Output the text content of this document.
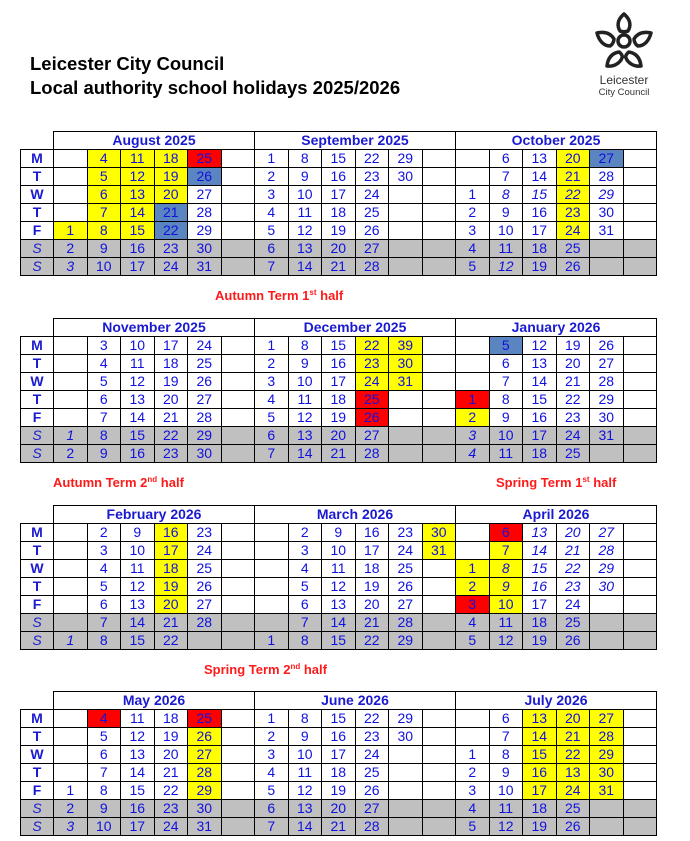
Leicester City Council
Local authority school holidays 2025/2026	Leicester
City Council
	August 2025						September 2025						October 2025					
M		4	11	18	25		1	8	15	22	29			6	13	20	27	
T		5	12	19	26		2	9	16	23	30			7	14	21	28	
W		6	13	20	27		3	10	17	24			1	8	15	22	29	
T		7	14	21	28		4	11	18	25			2	9	16	23	30	
F	1	8	15	22	29		5	12	19	26			3	10	17	24	31	
S	2	9	16	23	30		6	13	20	27			4	11	18	25		
S	3	10	17	24	31		7	14	21	28			5	12	19	26		
	November 2025						December 2025						January 2026					
M		3	10	17	24		1	8	15	22	39			5	12	19	26	
T		4	11	18	25		2	9	16	23	30			6	13	20	27	
W		5	12	19	26		3	10	17	24	31			7	14	21	28	
T		6	13	20	27		4	11	18	25			1	8	15	22	29	
F		7	14	21	28		5	12	19	26			2	9	16	23	30	
S	1	8	15	22	29		6	13	20	27			3	10	17	24	31	
S	2	9	16	23	30		7	14	21	28			4	11	18	25		
	February 2026						March 2026						April 2026					
M		2	9	16	23			2	9	16	23	30		6	13	20	27	
T		3	10	17	24			3	10	17	24	31		7	14	21	28	
W		4	11	18	25			4	11	18	25		1	8	15	22	29	
T		5	12	19	26			5	12	19	26		2	9	16	23	30	
F		6	13	20	27			6	13	20	27		3	10	17	24		
S		7	14	21	28			7	14	21	28		4	11	18	25		
S	1	8	15	22			1	8	15	22	29		5	12	19	26		
	May 2026						June 2026						July 2026					
M		4	11	18	25		1	8	15	22	29			6	13	20	27	
T		5	12	19	26		2	9	16	23	30			7	14	21	28	
W		6	13	20	27		3	10	17	24			1	8	15	22	29	
T		7	14	21	28		4	11	18	25			2	9	16	13	30	
F	1	8	15	22	29		5	12	19	26			3	10	17	24	31	
S	2	9	16	23	30		6	13	20	27			4	11	18	25		
S	3	10	17	24	31		7	14	21	28			5	12	19	26		
Autumn Term 1st half
Autumn Term 2nd half	Spring Term 1st half
Spring Term 2nd half
